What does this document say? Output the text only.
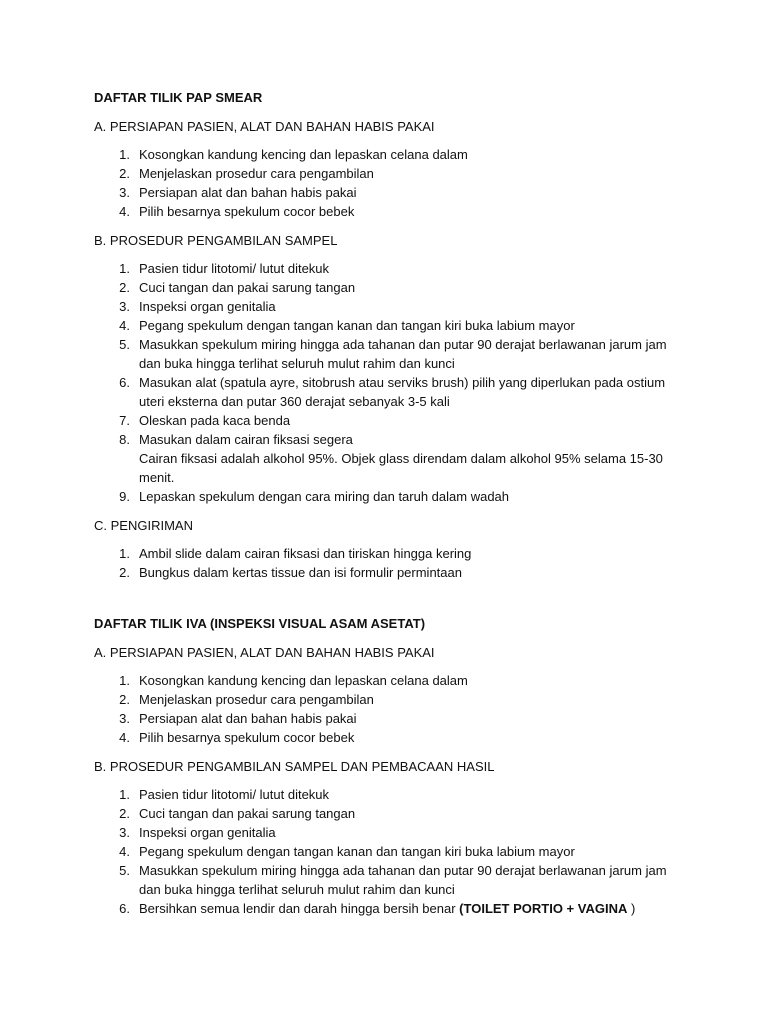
DAFTAR TILIK PAP SMEAR
A. PERSIAPAN PASIEN, ALAT DAN BAHAN HABIS PAKAI
1. Kosongkan kandung kencing dan lepaskan celana dalam
2. Menjelaskan prosedur cara pengambilan
3. Persiapan alat dan bahan habis pakai
4. Pilih besarnya spekulum cocor bebek
B. PROSEDUR PENGAMBILAN SAMPEL
1. Pasien tidur litotomi/ lutut ditekuk
2. Cuci tangan dan pakai sarung tangan
3. Inspeksi organ genitalia
4. Pegang spekulum dengan tangan kanan dan tangan kiri buka labium mayor
5. Masukkan spekulum miring hingga ada tahanan dan putar 90 derajat berlawanan jarum jam dan buka hingga terlihat seluruh mulut rahim dan kunci
6. Masukan alat (spatula ayre, sitobrush atau serviks brush) pilih yang diperlukan pada ostium uteri eksterna dan putar 360 derajat sebanyak 3-5 kali
7. Oleskan pada kaca benda
8. Masukan dalam cairan fiksasi segera
Cairan fiksasi adalah alkohol 95%. Objek glass direndam dalam alkohol 95% selama 15-30 menit.
9. Lepaskan spekulum dengan cara miring dan taruh dalam wadah
C. PENGIRIMAN
1. Ambil slide dalam cairan fiksasi dan tiriskan hingga kering
2. Bungkus dalam kertas tissue dan isi formulir permintaan
DAFTAR TILIK IVA (INSPEKSI VISUAL ASAM ASETAT)
A. PERSIAPAN PASIEN, ALAT DAN BAHAN HABIS PAKAI
1. Kosongkan kandung kencing dan lepaskan celana dalam
2. Menjelaskan prosedur cara pengambilan
3. Persiapan alat dan bahan habis pakai
4. Pilih besarnya spekulum cocor bebek
B. PROSEDUR PENGAMBILAN SAMPEL DAN PEMBACAAN HASIL
1. Pasien tidur litotomi/ lutut ditekuk
2. Cuci tangan dan pakai sarung tangan
3. Inspeksi organ genitalia
4. Pegang spekulum dengan tangan kanan dan tangan kiri buka labium mayor
5. Masukkan spekulum miring hingga ada tahanan dan putar 90 derajat berlawanan jarum jam dan buka hingga terlihat seluruh mulut rahim dan kunci
6. Bersihkan semua lendir dan darah hingga bersih benar (TOILET PORTIO + VAGINA )
